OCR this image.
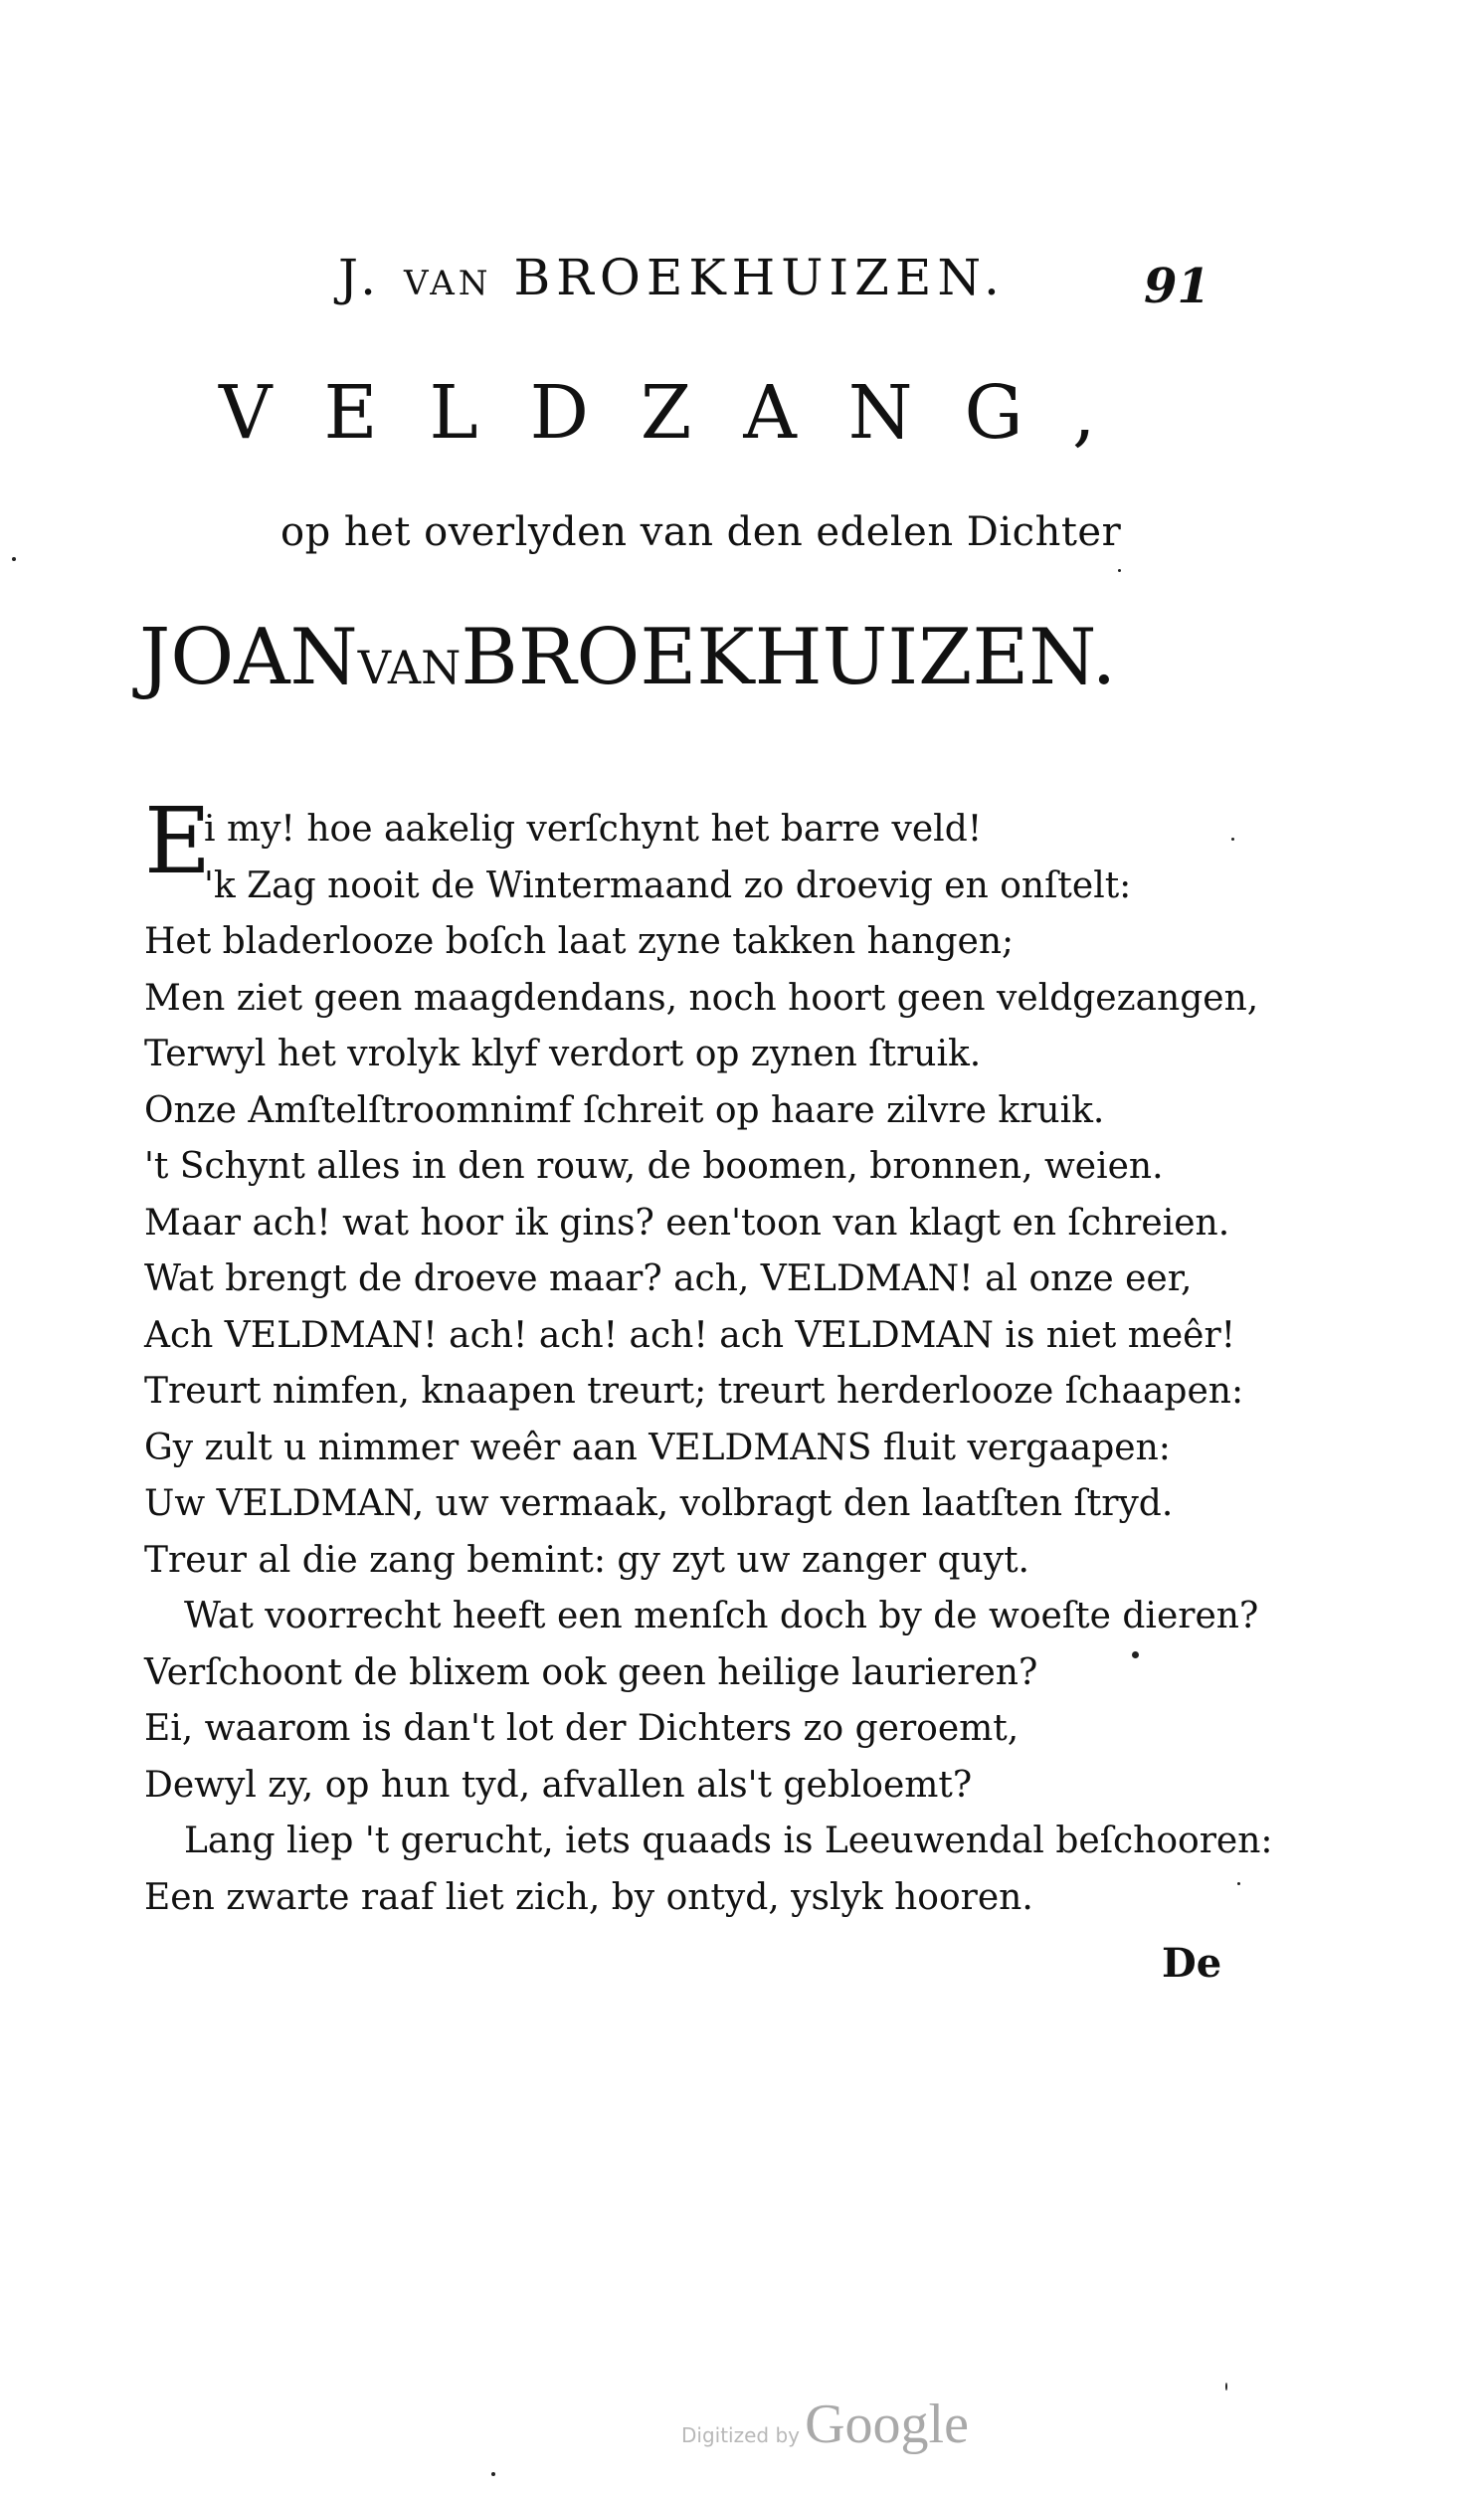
J. VAN BROEKHUIZEN.	91
VELDZANG,
op het overlyden van den edelen Dichter
JOANVANBROEKHUIZEN.
E
i my! hoe aakelig verſchynt het barre veld!
'k Zag nooit de Wintermaand zo droevig en onſtelt:
Het bladerlooze boſch laat zyne takken hangen;
Men ziet geen maagdendans, noch hoort geen veldgezangen,
Terwyl het vrolyk klyf verdort op zynen ſtruik.
Onze Amſtelſtroomnimf ſchreit op haare zilvre kruik.
't Schynt alles in den rouw, de boomen, bronnen, weien.
Maar ach! wat hoor ik gins? een'toon van klagt en ſchreien.
Wat brengt de droeve maar? ach, VELDMAN! al onze eer,
Ach VELDMAN! ach! ach! ach! ach VELDMAN is niet meêr!
Treurt nimfen, knaapen treurt; treurt herderlooze ſchaapen:
Gy zult u nimmer weêr aan VELDMANS fluit vergaapen:
Uw VELDMAN, uw vermaak, volbragt den laatſten ſtryd.
Treur al die zang bemint: gy zyt uw zanger quyt.
Wat voorrecht heeft een menſch doch by de woeſte dieren?
Verſchoont de blixem ook geen heilige laurieren?
Ei, waarom is dan't lot der Dichters zo geroemt,
Dewyl zy, op hun tyd, afvallen als't gebloemt?
Lang liep 't gerucht, iets quaads is Leeuwendal beſchooren:
Een zwarte raaf liet zich, by ontyd, yslyk hooren.
De
Digitized by Google
